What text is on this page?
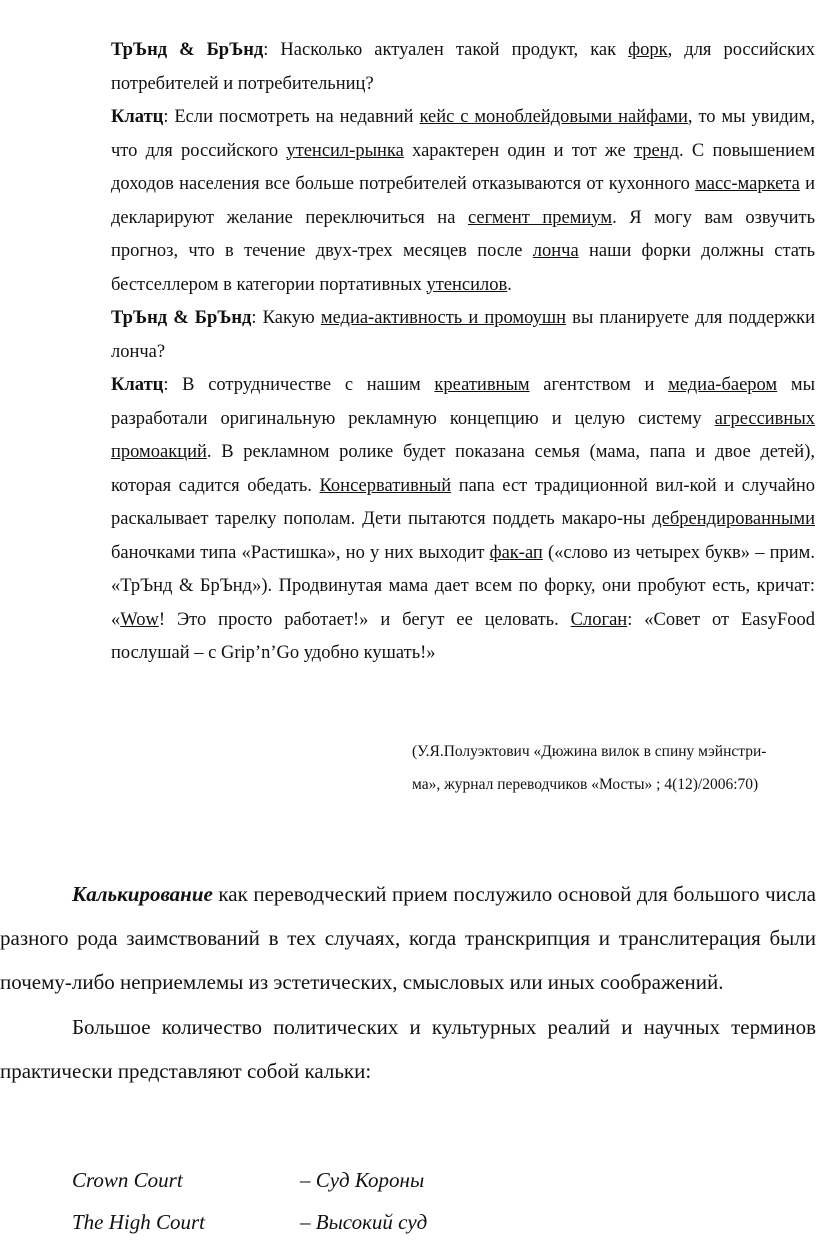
ТрЪнд & БрЪнд: Насколько актуален такой продукт, как форк, для российских потребителей и потребительниц?

Клатц: Если посмотреть на недавний кейс с моноблейдовыми найфами, то мы увидим, что для российского утенсил-рынка характерен один и тот же тренд. С повышением доходов населения все больше потребителей отказываются от кухонного масс-маркета и декларируют желание переключиться на сегмент премиум. Я могу вам озвучить прогноз, что в течение двух-трех месяцев после лонча наши форки должны стать бестселлером в категории портативных утенсилов.

ТрЪнд & БрЪнд: Какую медиа-активность и промоушн вы планируете для поддержки лонча?

Клатц: В сотрудничестве с нашим креативным агентством и медиа-баером мы разработали оригинальную рекламную концепцию и целую систему агрессивных промоакций. В рекламном ролике будет показана семья (мама, папа и двое детей), которая садится обедать. Консервативный папа ест традиционной вил-кой и случайно раскалывает тарелку пополам. Дети пытаются поддеть макаро-ны дебрендированными баночками типа «Растишка», но у них выходит фак-ап («слово из четырех букв» – прим. «ТрЪнд & БрЪнд»). Продвинутая мама дает всем по форку, они пробуют есть, кричат: «Wow! Это просто работает!» и бегут ее целовать. Слоган: «Совет от EasyFood послушай – с Grip’n’Go удобно кушать!»

(У.Я.Полуэктович «Дюжина вилок в спину мэйнстри-
ма», журнал переводчиков «Мосты» ; 4(12)/2006:70)

Калькирование как переводческий прием послужило основой для большого числа разного рода заимствований в тех случаях, когда транскрипция и транслитерация были почему-либо неприемлемы из эстетических, смысловых или иных соображений.

Большое количество политических и культурных реалий и научных терминов практически представляют собой кальки:

Crown Court	– Суд Короны
The High Court	– Высокий суд
